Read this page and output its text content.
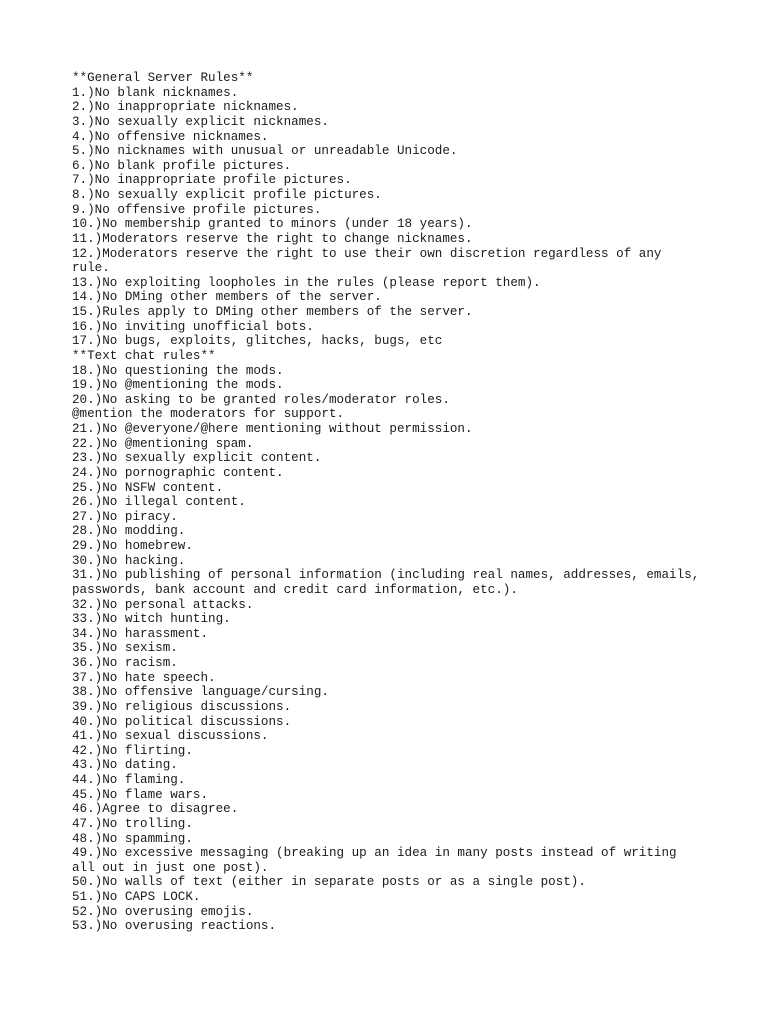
**General Server Rules**
1.)No blank nicknames.
2.)No inappropriate nicknames.
3.)No sexually explicit nicknames.
4.)No offensive nicknames.
5.)No nicknames with unusual or unreadable Unicode.
6.)No blank profile pictures.
7.)No inappropriate profile pictures.
8.)No sexually explicit profile pictures.
9.)No offensive profile pictures.
10.)No membership granted to minors (under 18 years).
11.)Moderators reserve the right to change nicknames.
12.)Moderators reserve the right to use their own discretion regardless of any
rule.
13.)No exploiting loopholes in the rules (please report them).
14.)No DMing other members of the server.
15.)Rules apply to DMing other members of the server.
16.)No inviting unofficial bots.
17.)No bugs, exploits, glitches, hacks, bugs, etc
**Text chat rules**
18.)No questioning the mods.
19.)No @mentioning the mods.
20.)No asking to be granted roles/moderator roles.
@mention the moderators for support.
21.)No @everyone/@here mentioning without permission.
22.)No @mentioning spam.
23.)No sexually explicit content.
24.)No pornographic content.
25.)No NSFW content.
26.)No illegal content.
27.)No piracy.
28.)No modding.
29.)No homebrew.
30.)No hacking.
31.)No publishing of personal information (including real names, addresses, emails,
passwords, bank account and credit card information, etc.).
32.)No personal attacks.
33.)No witch hunting.
34.)No harassment.
35.)No sexism.
36.)No racism.
37.)No hate speech.
38.)No offensive language/cursing.
39.)No religious discussions.
40.)No political discussions.
41.)No sexual discussions.
42.)No flirting.
43.)No dating.
44.)No flaming.
45.)No flame wars.
46.)Agree to disagree.
47.)No trolling.
48.)No spamming.
49.)No excessive messaging (breaking up an idea in many posts instead of writing
all out in just one post).
50.)No walls of text (either in separate posts or as a single post).
51.)No CAPS LOCK.
52.)No overusing emojis.
53.)No overusing reactions.
